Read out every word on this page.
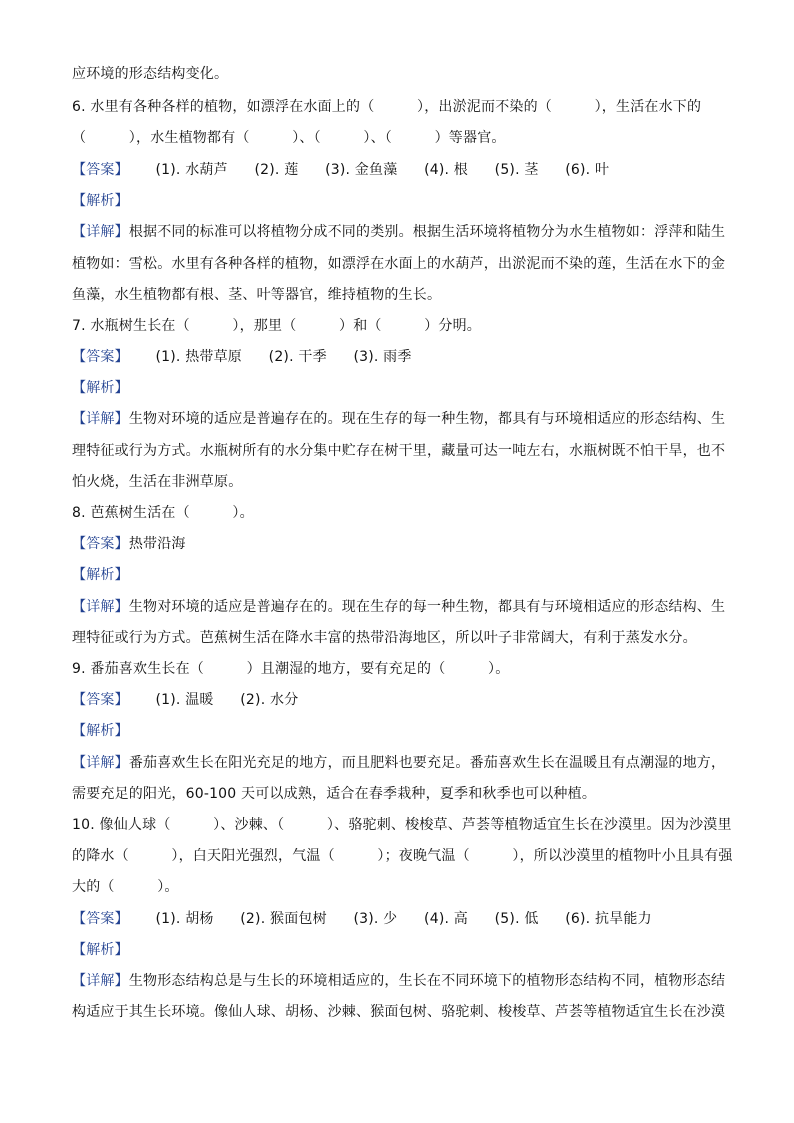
应环境的形态结构变化。
6. 水里有各种各样的植物，如漂浮在水面上的（　　　），出淤泥而不染的（　　　），生活在水下的
（　　　），水生植物都有（　　　）、（　　　）、（　　　）等器官。
【答案】 (1). 水葫芦 (2). 莲 (3). 金鱼藻 (4). 根 (5). 茎 (6). 叶
【解析】
【详解】根据不同的标准可以将植物分成不同的类别。根据生活环境将植物分为水生植物如：浮萍和陆生
植物如：雪松。水里有各种各样的植物，如漂浮在水面上的水葫芦，出淤泥而不染的莲，生活在水下的金
鱼藻，水生植物都有根、茎、叶等器官，维持植物的生长。
7. 水瓶树生长在（　　　），那里（　　　）和（　　　）分明。
【答案】 (1). 热带草原 (2). 干季 (3). 雨季
【解析】
【详解】生物对环境的适应是普遍存在的。现在生存的每一种生物，都具有与环境相适应的形态结构、生
理特征或行为方式。水瓶树所有的水分集中贮存在树干里，藏量可达一吨左右，水瓶树既不怕干旱，也不
怕火烧，生活在非洲草原。
8. 芭蕉树生活在（　　　）。
【答案】热带沿海
【解析】
【详解】生物对环境的适应是普遍存在的。现在生存的每一种生物，都具有与环境相适应的形态结构、生
理特征或行为方式。芭蕉树生活在降水丰富的热带沿海地区，所以叶子非常阔大，有利于蒸发水分。
9. 番茄喜欢生长在（　　　）且潮湿的地方，要有充足的（　　　）。
【答案】 (1). 温暖 (2). 水分
【解析】
【详解】番茄喜欢生长在阳光充足的地方，而且肥料也要充足。番茄喜欢生长在温暖且有点潮湿的地方，
需要充足的阳光，60-100 天可以成熟，适合在春季栽种，夏季和秋季也可以种植。
10. 像仙人球（　　　）、沙棘、（　　　）、骆驼刺、梭梭草、芦荟等植物适宜生长在沙漠里。因为沙漠里
的降水（　　　），白天阳光强烈，气温（　　　）；夜晚气温（　　　），所以沙漠里的植物叶小且具有强
大的（　　　）。
【答案】 (1). 胡杨 (2). 猴面包树 (3). 少 (4). 高 (5). 低 (6). 抗旱能力
【解析】
【详解】生物形态结构总是与生长的环境相适应的，生长在不同环境下的植物形态结构不同，植物形态结
构适应于其生长环境。像仙人球、胡杨、沙棘、猴面包树、骆驼刺、梭梭草、芦荟等植物适宜生长在沙漠
